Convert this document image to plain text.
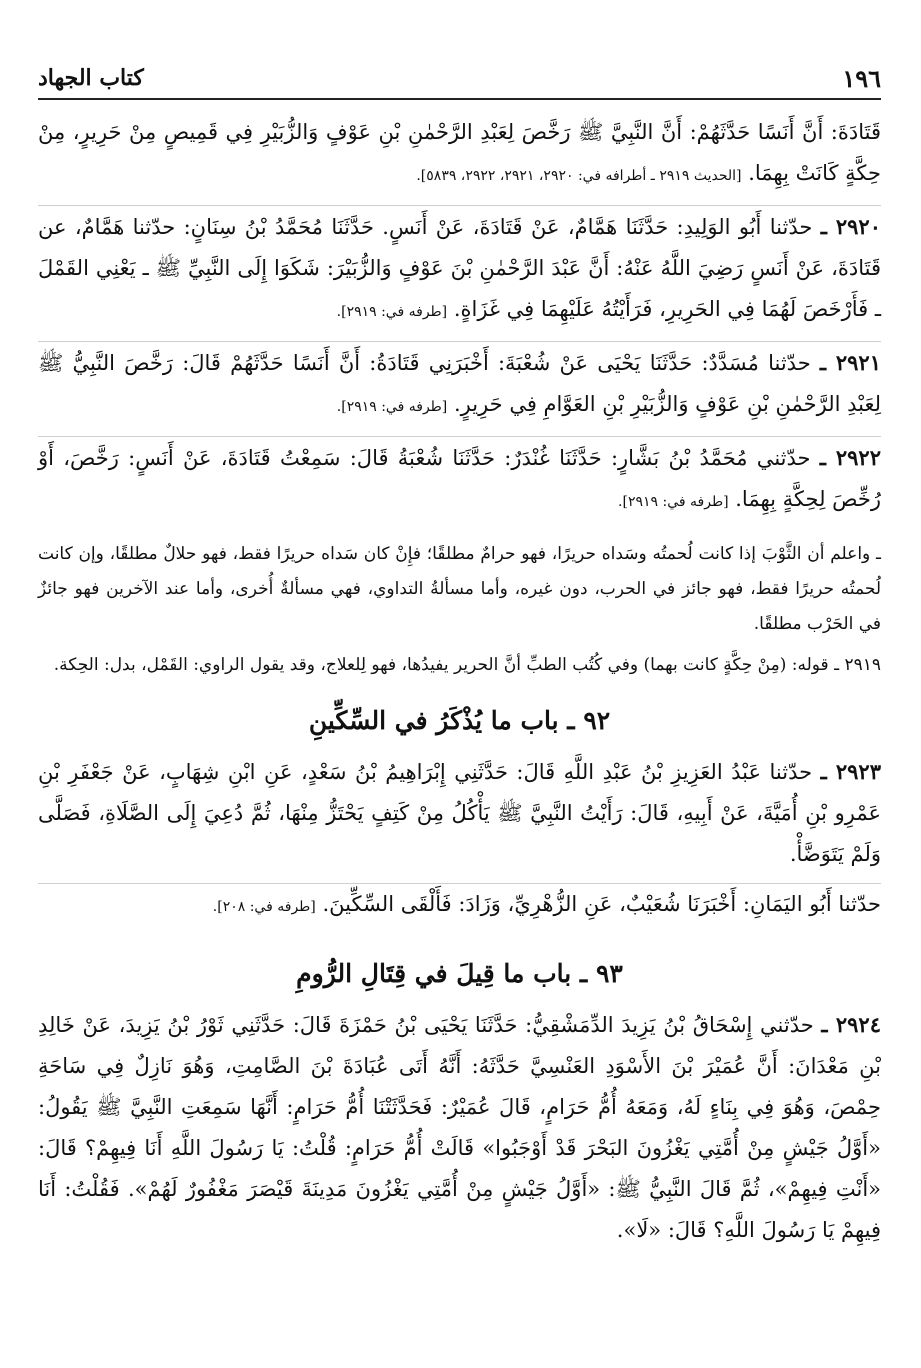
١٩٦
كتاب الجهاد

قَتَادَةَ: أَنَّ أَنَسًا حَدَّثَهُمْ: أَنَّ النَّبِيَّ ﷺ رَخَّصَ لِعَبْدِ الرَّحْمٰنِ بْنِ عَوْفٍ وَالزُّبَيْرِ فِي قَمِيصٍ مِنْ حَرِيرٍ، مِنْ حِكَّةٍ كَانَتْ بِهِمَا. [الحديث ٢٩١٩ ـ أطرافه في: ٢٩٢٠، ٢٩٢١، ٢٩٢٢، ٥٨٣٩].

٢٩٢٠ ـ حدّثنا أَبُو الوَلِيدِ: حَدَّثَنَا هَمَّامٌ، عَنْ قَتَادَةَ، عَنْ أَنَسٍ. حَدَّثَنَا مُحَمَّدُ بْنُ سِنَانٍ: حدّثنا هَمَّامٌ، عن قَتَادَةَ، عَنْ أَنَسٍ رَضِيَ اللَّهُ عَنْهُ: أَنَّ عَبْدَ الرَّحْمٰنِ بْنَ عَوْفٍ وَالزُّبَيْرَ: شَكَوَا إِلَى النَّبِيِّ ﷺ ـ يَعْنِي القَمْلَ ـ فَأَرْخَصَ لَهُمَا فِي الحَرِيرِ، فَرَأَيْتُهُ عَلَيْهِمَا فِي غَزَاةٍ. [طرفه في: ٢٩١٩].

٢٩٢١ ـ حدّثنا مُسَدَّدٌ: حَدَّثَنَا يَحْيَى عَنْ شُعْبَةَ: أَخْبَرَنِي قَتَادَةُ: أَنَّ أَنَسًا حَدَّثَهُمْ قَالَ: رَخَّصَ النَّبِيُّ ﷺ لِعَبْدِ الرَّحْمٰنِ بْنِ عَوْفٍ وَالزُّبَيْرِ بْنِ العَوَّامِ فِي حَرِيرٍ. [طرفه في: ٢٩١٩].

٢٩٢٢ ـ حدّثني مُحَمَّدُ بْنُ بَشَّارٍ: حَدَّثَنَا غُنْدَرٌ: حَدَّثَنَا شُعْبَةُ قَالَ: سَمِعْتُ قَتَادَةَ، عَنْ أَنَسٍ: رَخَّصَ، أَوْ رُخِّصَ لِحِكَّةٍ بِهِمَا. [طرفه في: ٢٩١٩].

ـ واعلم أن الثَّوْبَ إذا كانت لُحمتُه وسَداه حريرًا، فهو حرامٌ مطلقًا؛ فإِنْ كان سَداه حريرًا فقط، فهو حلالٌ مطلقًا، وإن كانت لُحمتُه حريرًا فقط، فهو جائز في الحرب، دون غيره، وأما مسألةُ التداوي، فهي مسألةٌ أُخرى، وأما عند الآخرين فهو جائزٌ في الحَرْب مطلقًا.

٢٩١٩ ـ قوله: (مِنْ حِكَّةٍ كانت بهما) وفي كُتُب الطبِّ أنَّ الحرير يفيدُها، فهو لِلعلاج، وقد يقول الراوي: القَمْل، بدل: الحِكة.

٩٢ ـ باب ما يُذْكَرُ في السِّكِّينِ

٢٩٢٣ ـ حدّثنا عَبْدُ العَزِيزِ بْنُ عَبْدِ اللَّهِ قَالَ: حَدَّثَنِي إِبْرَاهِيمُ بْنُ سَعْدٍ، عَنِ ابْنِ شِهَابٍ، عَنْ جَعْفَرِ بْنِ عَمْرِو بْنِ أُمَيَّةَ، عَنْ أَبِيهِ، قَالَ: رَأَيْتُ النَّبِيَّ ﷺ يَأْكُلُ مِنْ كَتِفٍ يَحْتَزُّ مِنْهَا، ثُمَّ دُعِيَ إِلَى الصَّلَاةِ، فَصَلَّى وَلَمْ يَتَوَضَّأْ.

حدّثنا أَبُو اليَمَانِ: أَخْبَرَنَا شُعَيْبٌ، عَنِ الزُّهْرِيِّ، وَزَادَ: فَأَلْقَى السِّكِّينَ. [طرفه في: ٢٠٨].

٩٣ ـ باب ما قِيلَ في قِتَالِ الرُّومِ

٢٩٢٤ ـ حدّثني إِسْحَاقُ بْنُ يَزِيدَ الدِّمَشْقِيُّ: حَدَّثَنَا يَحْيَى بْنُ حَمْزَةَ قَالَ: حَدَّثَنِي ثَوْرُ بْنُ يَزِيدَ، عَنْ خَالِدِ بْنِ مَعْدَانَ: أَنَّ عُمَيْرَ بْنَ الأَسْوَدِ العَنْسِيَّ حَدَّثَهُ: أَنَّهُ أَتَى عُبَادَةَ بْنَ الصَّامِتِ، وَهُوَ نَازِلٌ فِي سَاحَةِ حِمْصَ، وَهُوَ فِي بِنَاءٍ لَهُ، وَمَعَهُ أُمُّ حَرَامٍ، قَالَ عُمَيْرٌ: فَحَدَّثَتْنَا أُمُّ حَرَامٍ: أَنَّهَا سَمِعَتِ النَّبِيَّ ﷺ يَقُولُ: «أَوَّلُ جَيْشٍ مِنْ أُمَّتِي يَغْزُونَ البَحْرَ قَدْ أَوْجَبُوا» قَالَتْ أُمُّ حَرَامٍ: قُلْتُ: يَا رَسُولَ اللَّهِ أَنَا فِيهِمْ؟ قَالَ: «أَنْتِ فِيهِمْ»، ثُمَّ قَالَ النَّبِيُّ ﷺ: «أَوَّلُ جَيْشٍ مِنْ أُمَّتِي يَغْزُونَ مَدِينَةَ قَيْصَرَ مَغْفُورٌ لَهُمْ». فَقُلْتُ: أَنَا فِيهِمْ يَا رَسُولَ اللَّهِ؟ قَالَ: «لَا».
